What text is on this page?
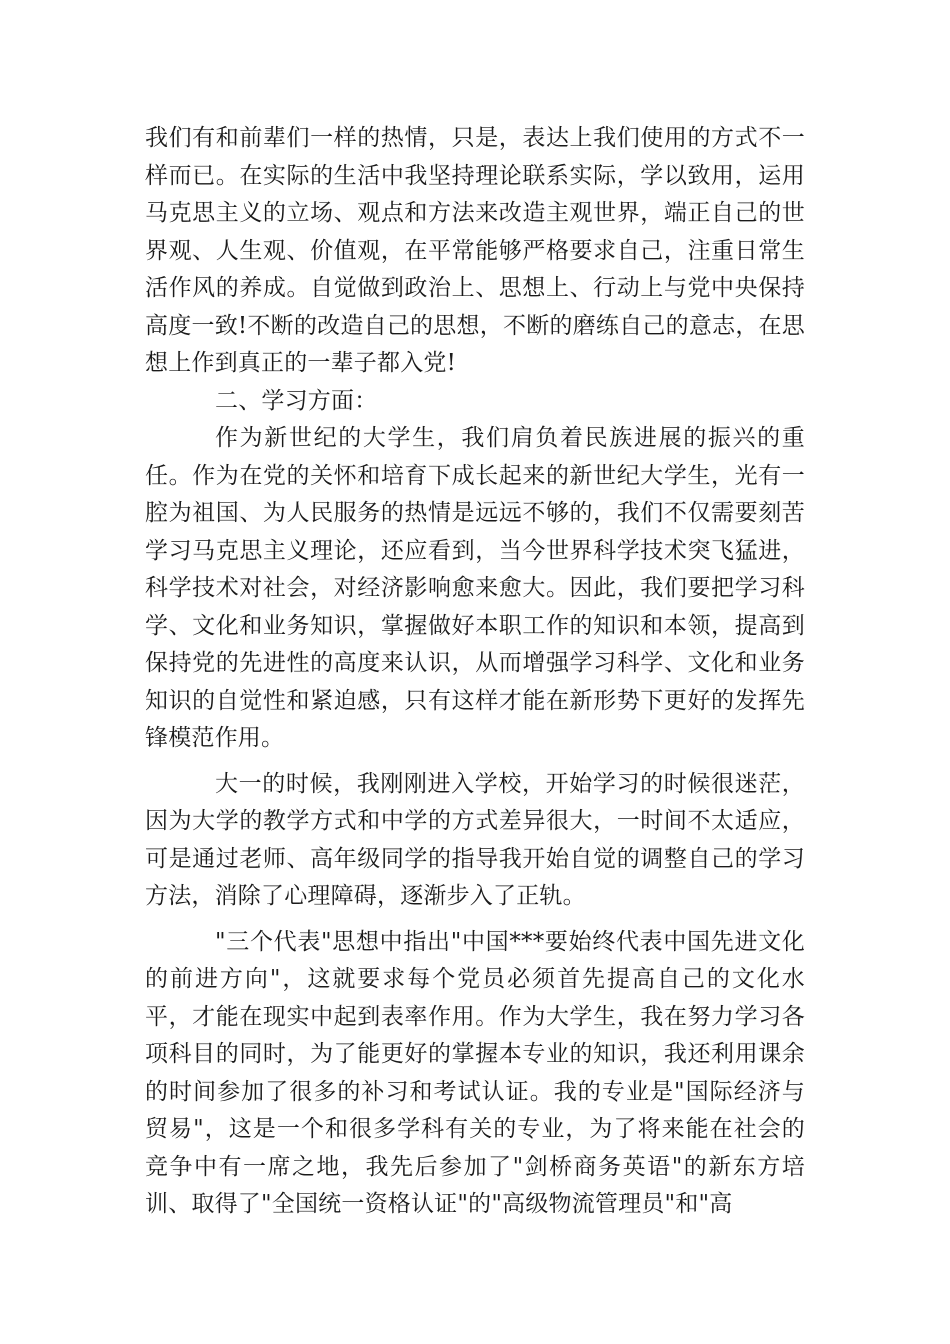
我们有和前辈们一样的热情，只是，表达上我们使用的方式不一样而已。在实际的生活中我坚持理论联系实际，学以致用，运用马克思主义的立场、观点和方法来改造主观世界，端正自己的世界观、人生观、价值观，在平常能够严格要求自己，注重日常生活作风的养成。自觉做到政治上、思想上、行动上与党中央保持高度一致!不断的改造自己的思想，不断的磨练自己的意志，在思想上作到真正的一辈子都入党!

二、学习方面：

作为新世纪的大学生，我们肩负着民族进展的振兴的重任。作为在党的关怀和培育下成长起来的新世纪大学生，光有一腔为祖国、为人民服务的热情是远远不够的，我们不仅需要刻苦学习马克思主义理论，还应看到，当今世界科学技术突飞猛进，科学技术对社会，对经济影响愈来愈大。因此，我们要把学习科学、文化和业务知识，掌握做好本职工作的知识和本领，提高到保持党的先进性的高度来认识，从而增强学习科学、文化和业务知识的自觉性和紧迫感，只有这样才能在新形势下更好的发挥先锋模范作用。

大一的时候，我刚刚进入学校，开始学习的时候很迷茫，因为大学的教学方式和中学的方式差异很大，一时间不太适应，可是通过老师、高年级同学的指导我开始自觉的调整自己的学习方法，消除了心理障碍，逐渐步入了正轨。

"三个代表"思想中指出"中国***要始终代表中国先进文化的前进方向"，这就要求每个党员必须首先提高自己的文化水平，才能在现实中起到表率作用。作为大学生，我在努力学习各项科目的同时，为了能更好的掌握本专业的知识，我还利用课余的时间参加了很多的补习和考试认证。我的专业是"国际经济与贸易"，这是一个和很多学科有关的专业，为了将来能在社会的竞争中有一席之地，我先后参加了"剑桥商务英语"的新东方培训、取得了"全国统一资格认证"的"高级物流管理员"和"高
